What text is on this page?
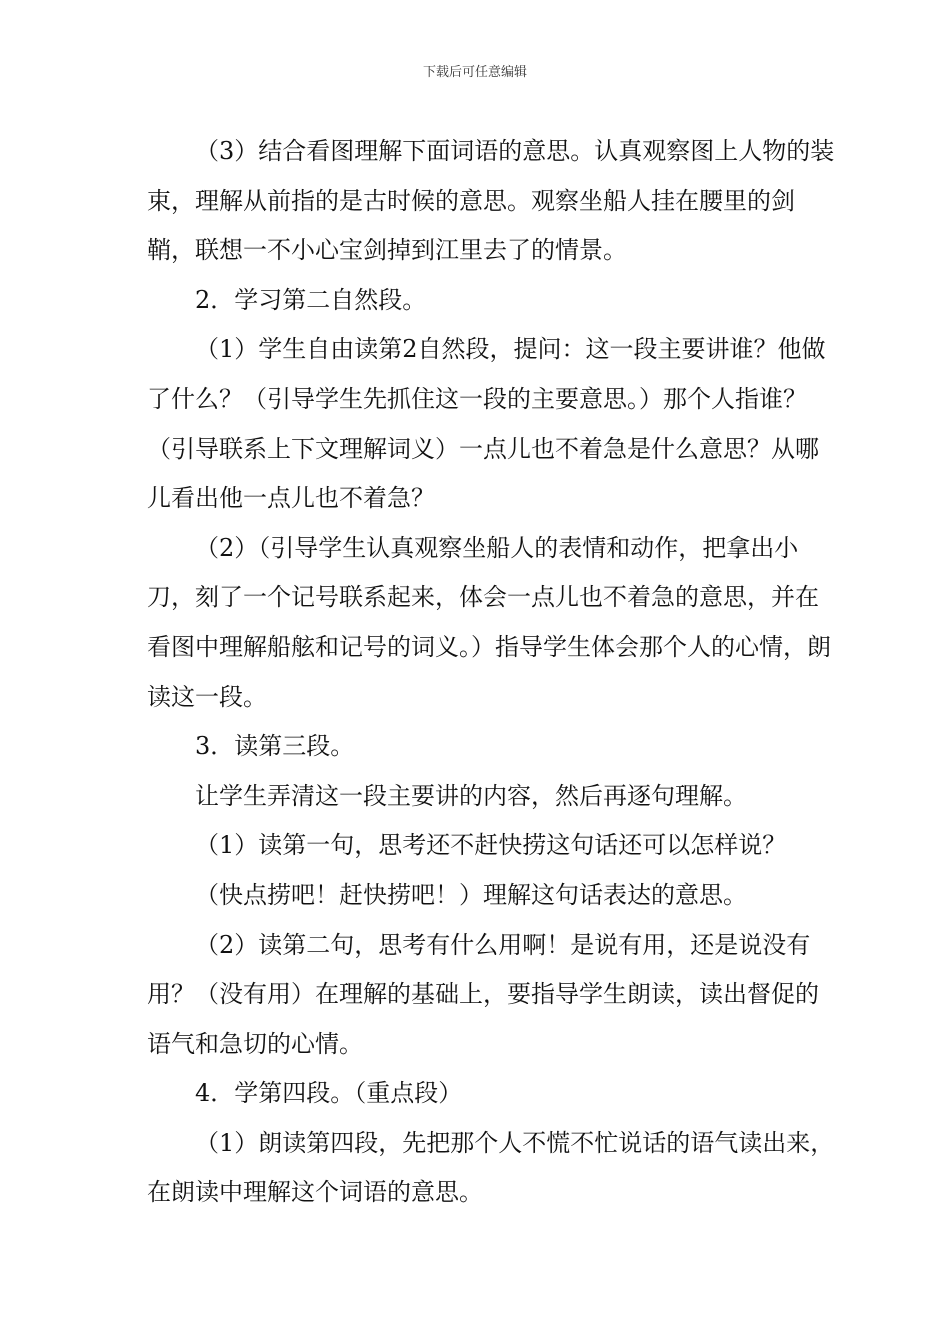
下载后可任意编辑

（3）结合看图理解下面词语的意思。认真观察图上人物的装束，理解从前指的是古时候的意思。观察坐船人挂在腰里的剑鞘，联想一不小心宝剑掉到江里去了的情景。

2．学习第二自然段。

（1）学生自由读第2自然段，提问：这一段主要讲谁？他做了什么？（引导学生先抓住这一段的主要意思。）那个人指谁？（引导联系上下文理解词义）一点儿也不着急是什么意思？从哪儿看出他一点儿也不着急？

（2）（引导学生认真观察坐船人的表情和动作，把拿出小刀，刻了一个记号联系起来，体会一点儿也不着急的意思，并在看图中理解船舷和记号的词义。）指导学生体会那个人的心情，朗读这一段。

3．读第三段。

让学生弄清这一段主要讲的内容，然后再逐句理解。

（1）读第一句，思考还不赶快捞这句话还可以怎样说？

（快点捞吧！赶快捞吧！）理解这句话表达的意思。

（2）读第二句，思考有什么用啊！是说有用，还是说没有用？（没有用）在理解的基础上，要指导学生朗读，读出督促的语气和急切的心情。

4．学第四段。（重点段）

（1）朗读第四段，先把那个人不慌不忙说话的语气读出来，在朗读中理解这个词语的意思。
